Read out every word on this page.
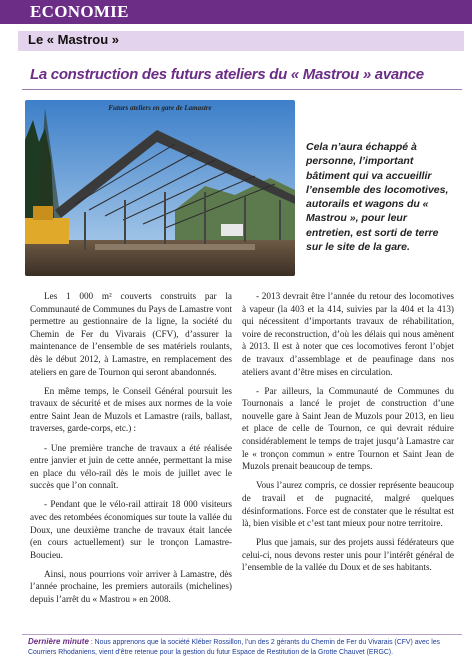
ECONOMIE
Le « Mastrou »
La construction des futurs ateliers du « Mastrou » avance
Futurs ateliers en gare de Lamastre
Cela n’aura échappé à personne, l’important bâtiment qui va accueillir l’ensemble des locomotives, autorails et wagons du « Mastrou », pour leur entretien, est sorti de terre sur le site de la gare.

Les 1 000 m² couverts construits par la Communauté de Communes du Pays de Lamastre vont permettre au gestionnaire de la ligne, la société du Chemin de Fer du Vivarais (CFV), d’assurer la maintenance de l’ensemble de ses matériels roulants, dès le début 2012, à Lamastre, en remplacement des ateliers en gare de Tournon qui seront abandonnés.

En même temps, le Conseil Général poursuit les travaux de sécurité et de mises aux normes de la voie entre Saint Jean de Muzols et Lamastre (rails, ballast, traverses, garde-corps, etc.) :

- Une première tranche de travaux a été réalisée entre janvier et juin de cette année, permettant la mise en place du vélo-rail dès le mois de juillet avec le succès que l’on connaît.

- Pendant que le vélo-rail attirait 18 000 visiteurs avec des retombées économiques sur toute la vallée du Doux, une deuxième tranche de travaux était lancée (en cours actuellement) sur le tronçon Lamastre-Boucieu.

Ainsi, nous pourrions voir arriver à Lamastre, dès l’année prochaine, les premiers autorails (michelines) depuis l’arrêt du « Mastrou » en 2008.

- 2013 devrait être l’année du retour des locomotives à vapeur (la 403 et la 414, suivies par la 404 et la 413) qui nécessitent d’importants travaux de réhabilitation, voire de reconstruction, d’où les délais qui nous amènent à 2013. Il est à noter que ces locomotives feront l’objet de travaux d’assemblage et de peaufinage dans nos ateliers avant d’être mises en circulation.

- Par ailleurs, la Communauté de Communes du Tournonais a lancé le projet de construction d’une nouvelle gare à Saint Jean de Muzols pour 2013, en lieu et place de celle de Tournon, ce qui devrait réduire considérablement le temps de trajet jusqu’à Lamastre car le « tronçon commun » entre Tournon et Saint Jean de Muzols prenait beaucoup de temps.

Vous l’aurez compris, ce dossier représente beaucoup de travail et de pugnacité, malgré quelques désinformations. Force est de constater que le résultat est là, bien visible et c’est tant mieux pour notre territoire.

Plus que jamais, sur des projets aussi fédérateurs que celui-ci, nous devons rester unis pour l’intérêt général de l’ensemble de la vallée du Doux et de ses habitants.

Dernière minute : Nous apprenons que la société Kléber Rossillon, l’un des 2 gérants du Chemin de Fer du Vivarais (CFV) avec les Courriers Rhodaniens, vient d’être retenue pour la gestion du futur Espace de Restitution de la Grotte Chauvet (ERGC).
